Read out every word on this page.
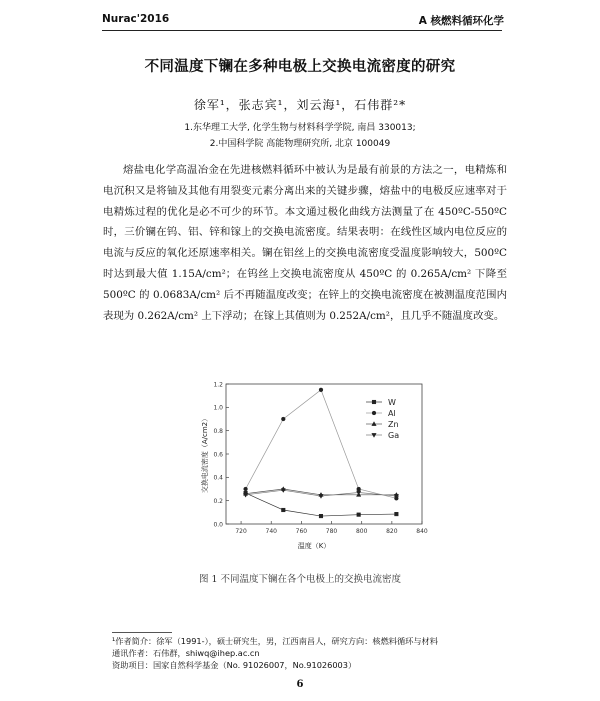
Nurac'2016	A 核燃料循环化学
不同温度下镧在多种电极上交换电流密度的研究
徐军¹，张志宾¹，刘云海¹，石伟群²*
1.东华理工大学, 化学生物与材料科学学院, 南昌 330013;
2.中国科学院 高能物理研究所, 北京 100049

熔盐电化学高温冶金在先进核燃料循环中被认为是最有前景的方法之一，电精炼和电沉积又是将铀及其他有用裂变元素分离出来的关键步骤，熔盐中的电极反应速率对于电精炼过程的优化是必不可少的环节。本文通过极化曲线方法测量了在 450ºC-550ºC 时，三价镧在钨、铝、锌和镓上的交换电流密度。结果表明：在线性区域内电位反应的电流与反应的氧化还原速率相关。镧在铝丝上的交换电流密度受温度影响较大，500ºC 时达到最大值 1.15A/cm²；在钨丝上交换电流密度从 450ºC 的 0.265A/cm² 下降至 500ºC 的 0.0683A/cm² 后不再随温度改变；在锌上的交换电流密度在被测温度范围内表现为 0.262A/cm² 上下浮动；在镓上其值则为 0.252A/cm²，且几乎不随温度改变。

0.0
0.2
0.4
0.6
0.8
1.0
1.2
720	740	760	780	800	820	840
W
Al
Zn
Ga
交换电流密度（A/cm2）
温度（K）
图 1 不同温度下镧在各个电极上的交换电流密度
¹作者简介：徐军（1991-），硕士研究生，男，江西南昌人，研究方向：核燃料循环与材料
通讯作者：石伟群，shiwq@ihep.ac.cn
资助项目：国家自然科学基金（No. 91026007，No.91026003）
6
